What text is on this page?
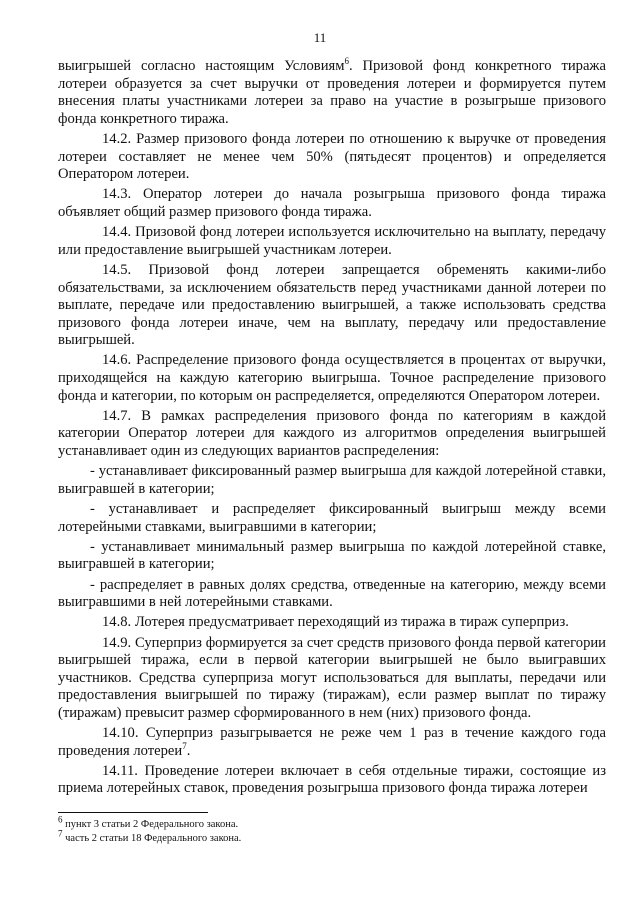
11

выигрышей согласно настоящим Условиям$^6$. Призовой фонд конкретного тиража лотереи образуется за счет выручки от проведения лотереи и формируется путем внесения платы участниками лотереи за право на участие в розыгрыше призового фонда конкретного тиража.

14.2. Размер призового фонда лотереи по отношению к выручке от проведения лотереи составляет не менее чем 50% (пятьдесят процентов) и определяется Оператором лотереи.

14.3. Оператор лотереи до начала розыгрыша призового фонда тиража объявляет общий размер призового фонда тиража.

14.4. Призовой фонд лотереи используется исключительно на выплату, передачу или предоставление выигрышей участникам лотереи.

14.5. Призовой фонд лотереи запрещается обременять какими-либо обязательствами, за исключением обязательств перед участниками данной лотереи по выплате, передаче или предоставлению выигрышей, а также использовать средства призового фонда лотереи иначе, чем на выплату, передачу или предоставление выигрышей.

14.6. Распределение призового фонда осуществляется в процентах от выручки, приходящейся на каждую категорию выигрыша. Точное распределение призового фонда и категории, по которым он распределяется, определяются Оператором лотереи.

14.7. В рамках распределения призового фонда по категориям в каждой категории Оператор лотереи для каждого из алгоритмов определения выигрышей устанавливает один из следующих вариантов распределения:

- устанавливает фиксированный размер выигрыша для каждой лотерейной ставки, выигравшей в категории;

- устанавливает и распределяет фиксированный выигрыш между всеми лотерейными ставками, выигравшими в категории;

- устанавливает минимальный размер выигрыша по каждой лотерейной ставке, выигравшей в категории;

- распределяет в равных долях средства, отведенные на категорию, между всеми выигравшими в ней лотерейными ставками.

14.8. Лотерея предусматривает переходящий из тиража в тираж суперприз.

14.9. Суперприз формируется за счет средств призового фонда первой категории выигрышей тиража, если в первой категории выигрышей не было выигравших участников. Средства суперприза могут использоваться для выплаты, передачи или предоставления выигрышей по тиражу (тиражам), если размер выплат по тиражу (тиражам) превысит размер сформированного в нем (них) призового фонда.

14.10. Суперприз разыгрывается не реже чем 1 раз в течение каждого года проведения лотереи$^7$.

14.11. Проведение лотереи включает в себя отдельные тиражи, состоящие из приема лотерейных ставок, проведения розыгрыша призового фонда тиража лотереи

$^6$ пункт 3 статьи 2 Федерального закона.
$^7$ часть 2 статьи 18 Федерального закона.
